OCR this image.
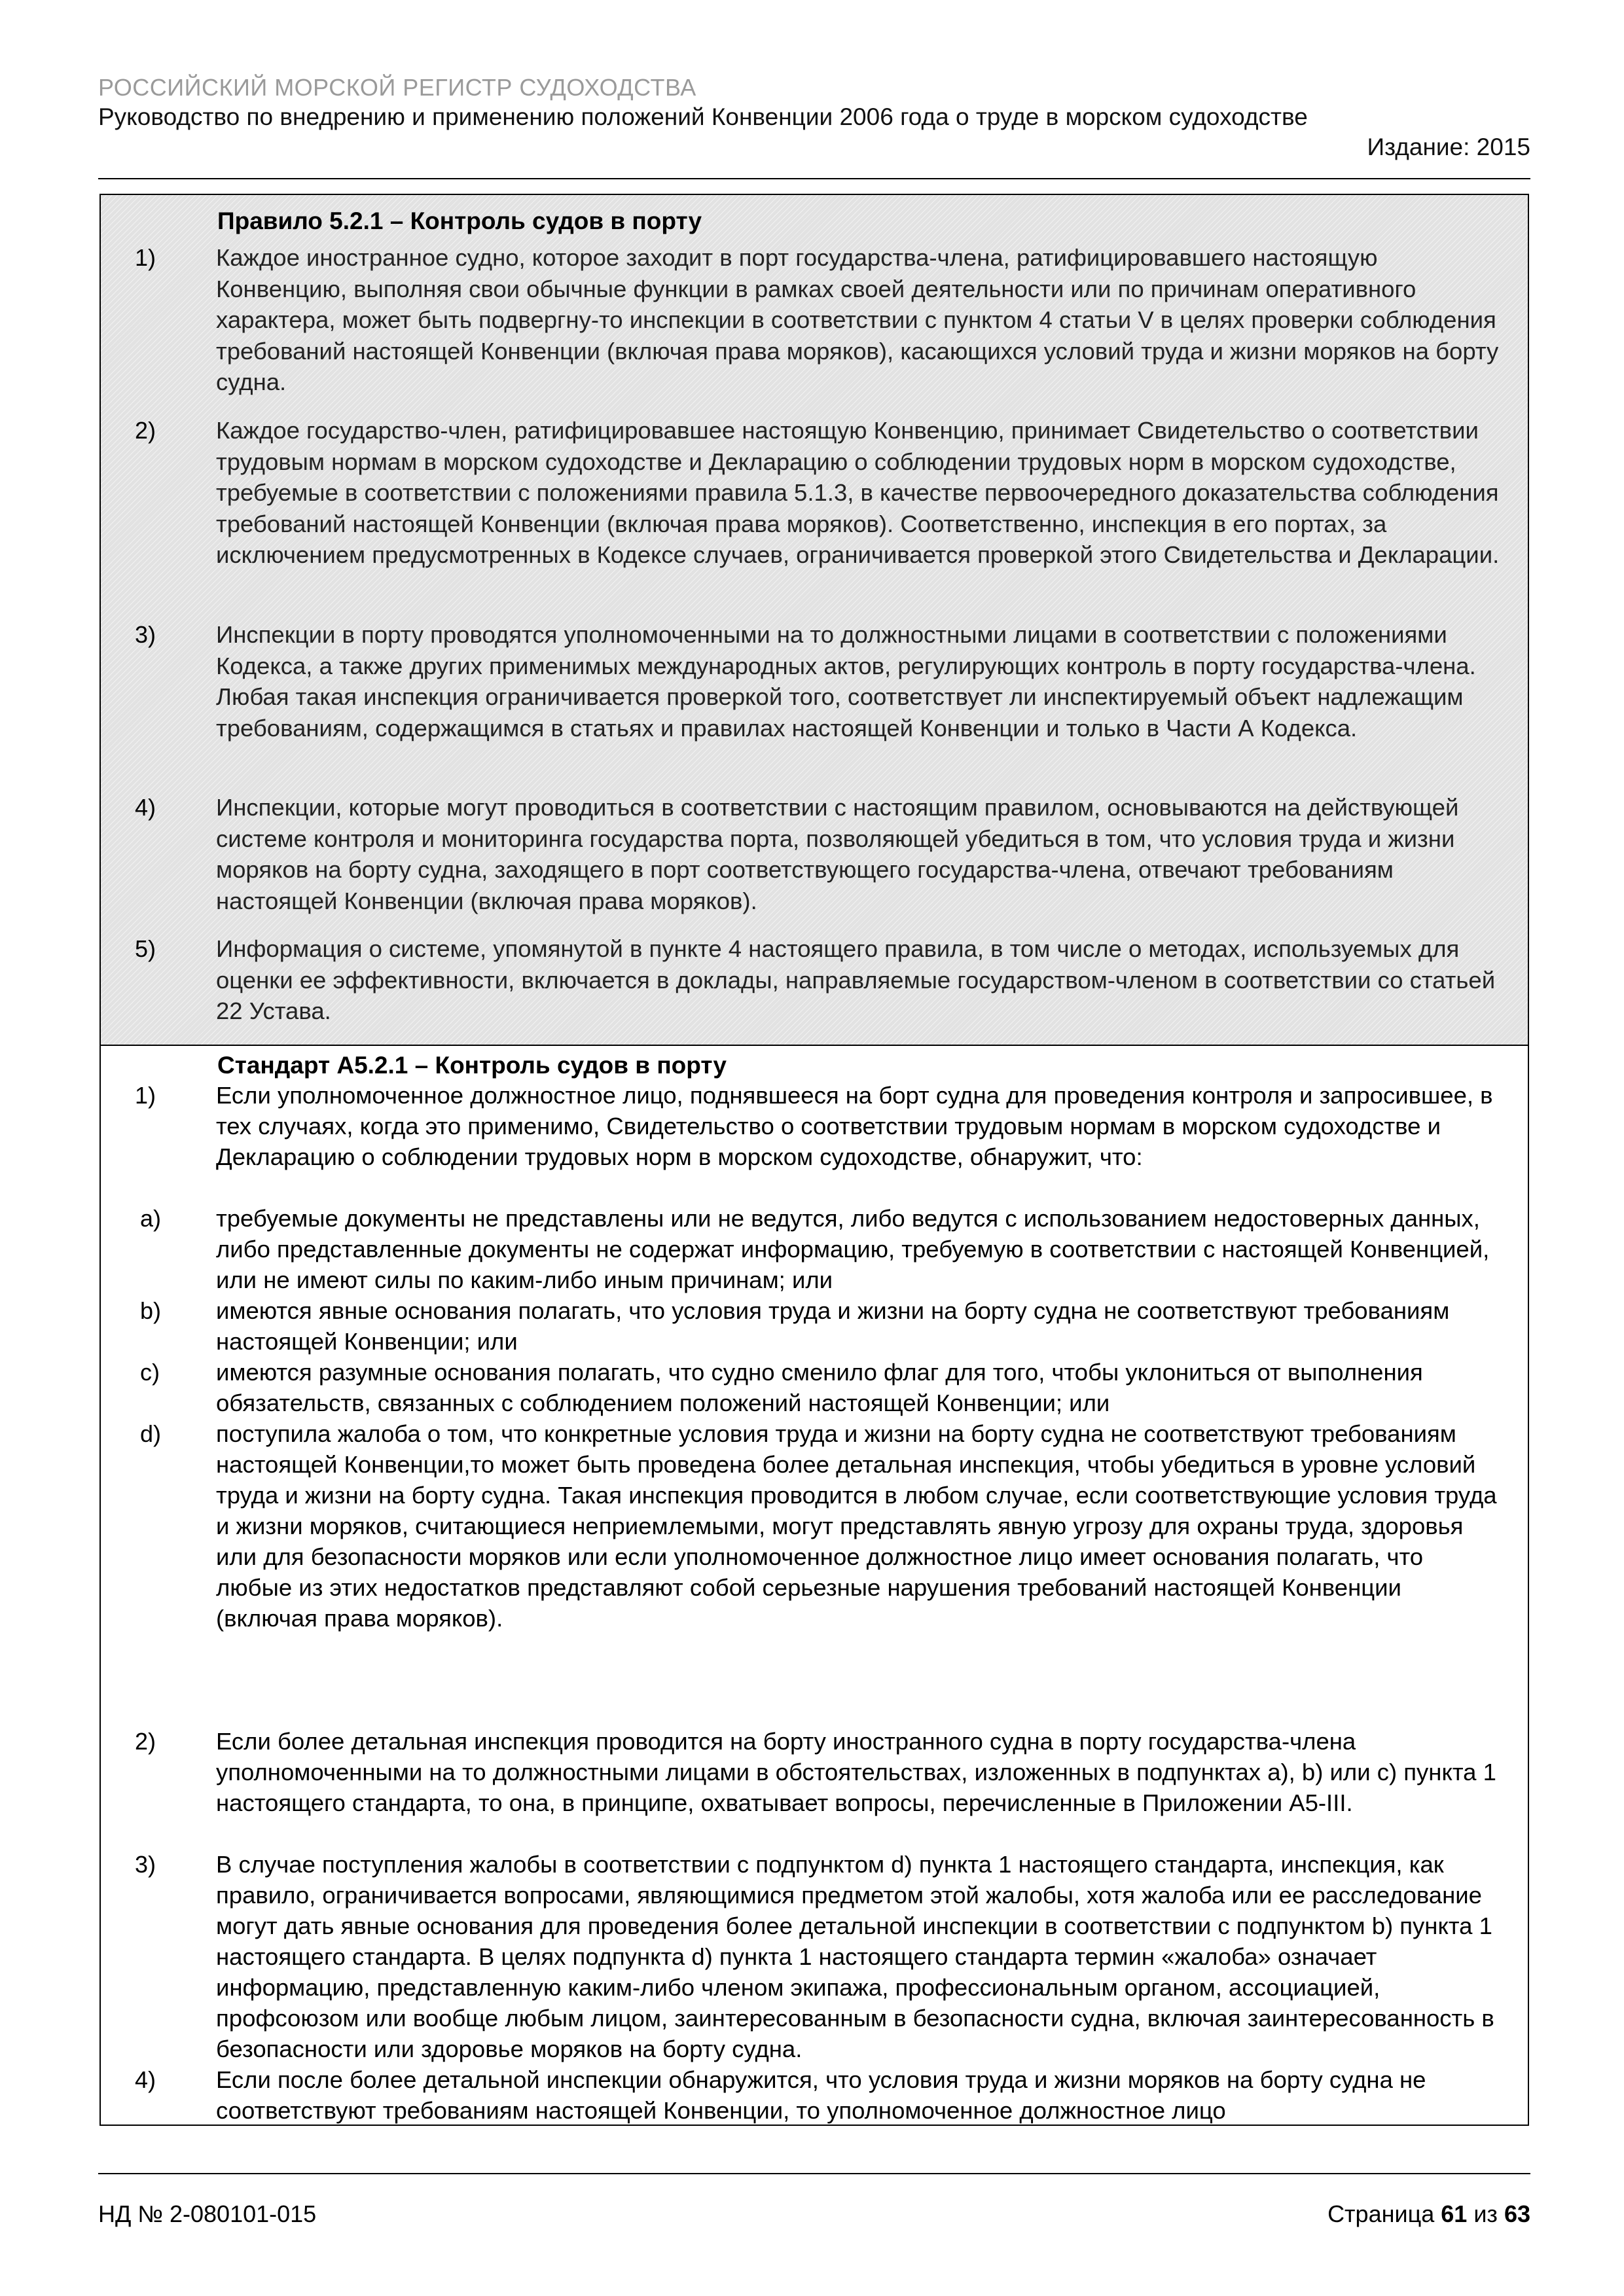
РОССИЙСКИЙ МОРСКОЙ РЕГИСТР СУДОХОДСТВА
Руководство по внедрению и применению положений Конвенции 2006 года о труде в морском судоходстве
Издание: 2015
Правило 5.2.1 – Контроль судов в порту
1)	Каждое иностранное судно, которое заходит в порт государства-члена, ратифицировавшего настоящую Конвенцию, выполняя свои обычные функции в рамках своей деятельности или по причинам оперативного характера, может быть подвергну-то инспекции в соответствии с пунктом 4 статьи V в целях проверки соблюдения требований настоящей Конвенции (включая права моряков), касающихся условий труда и жизни моряков на борту судна.
2)	Каждое государство-член, ратифицировавшее настоящую Конвенцию, принимает Свидетельство о соответствии трудовым нормам в морском судоходстве и Декларацию о соблюдении трудовых норм в морском судоходстве, требуемые в соответствии с положениями правила 5.1.3, в качестве первоочередного доказательства соблюдения требований настоящей Конвенции (включая права моряков). Соответственно, инспекция в его портах, за исключением предусмотренных в Кодексе случаев, ограничивается проверкой этого Свидетельства и Декларации.
3)	Инспекции в порту проводятся уполномоченными на то должностными лицами в соответствии с положениями Кодекса, а также других применимых международных актов, регулирующих контроль в порту государства-члена. Любая такая инспекция ограничивается проверкой того, соответствует ли инспектируемый объект надлежащим требованиям, содержащимся в статьях и правилах настоящей Конвенции и только в Части А Кодекса.
4)	Инспекции, которые могут проводиться в соответствии с настоящим правилом, основываются на действующей системе контроля и мониторинга государства порта, позволяющей убедиться в том, что условия труда и жизни моряков на борту судна, заходящего в порт соответствующего государства-члена, отвечают требованиям настоящей Конвенции (включая права моряков).
5)	Информация о системе, упомянутой в пункте 4 настоящего правила, в том числе о методах, используемых для оценки ее эффективности, включается в доклады, направляемые государством-членом в соответствии со статьей 22 Устава.
Стандарт А5.2.1 – Контроль судов в порту
1)	Если уполномоченное должностное лицо, поднявшееся на борт судна для проведения контроля и запросившее, в тех случаях, когда это применимо, Свидетельство о соответствии трудовым нормам в морском судоходстве и Декларацию о соблюдении трудовых норм в морском судоходстве, обнаружит, что:
a)	требуемые документы не представлены или не ведутся, либо ведутся с использованием недостоверных данных, либо представленные документы не содержат информацию, требуемую в соответствии с настоящей Конвенцией, или не имеют силы по каким-либо иным причинам; или
b)	имеются явные основания полагать, что условия труда и жизни на борту судна не соответствуют требованиям настоящей Конвенции; или
c)	имеются разумные основания полагать, что судно сменило флаг для того, чтобы уклониться от выполнения обязательств, связанных с соблюдением положений настоящей Конвенции; или
d)	поступила жалоба о том, что конкретные условия труда и жизни на борту судна не соответствуют требованиям настоящей Конвенции,то может быть проведена более детальная инспекция, чтобы убедиться в уровне условий труда и жизни на борту судна. Такая инспекция проводится в любом случае, если соответствующие условия труда и жизни моряков, считающиеся неприемлемыми, могут представлять явную угрозу для охраны труда, здоровья или для безопасности моряков или если уполномоченное должностное лицо имеет основания полагать, что любые из этих недостатков представляют собой серьезные нарушения требований настоящей Конвенции (включая права моряков).
2)	Если более детальная инспекция проводится на борту иностранного судна в порту государства-члена уполномоченными на то должностными лицами в обстоятельствах, изложенных в подпунктах a), b) или c) пункта 1 настоящего стандарта, то она, в принципе, охватывает вопросы, перечисленные в Приложении А5-III.
3)	В случае поступления жалобы в соответствии с подпунктом d) пункта 1 настоящего стандарта, инспекция, как правило, ограничивается вопросами, являющимися предметом этой жалобы, хотя жалоба или ее расследование могут дать явные основания для проведения более детальной инспекции в соответствии с подпунктом b) пункта 1 настоящего стандарта. В целях подпункта d) пункта 1 настоящего стандарта термин «жалоба» означает информацию, представленную каким-либо членом экипажа, профессиональным органом, ассоциацией, профсоюзом или вообще любым лицом, заинтересованным в безопасности судна, включая заинтересованность в безопасности или здоровье моряков на борту судна.
4)	Если после более детальной инспекции обнаружится, что условия труда и жизни моряков на борту судна не соответствуют требованиям настоящей Конвенции, то уполномоченное должностное лицо
НД № 2-080101-015	Страница 61 из 63
